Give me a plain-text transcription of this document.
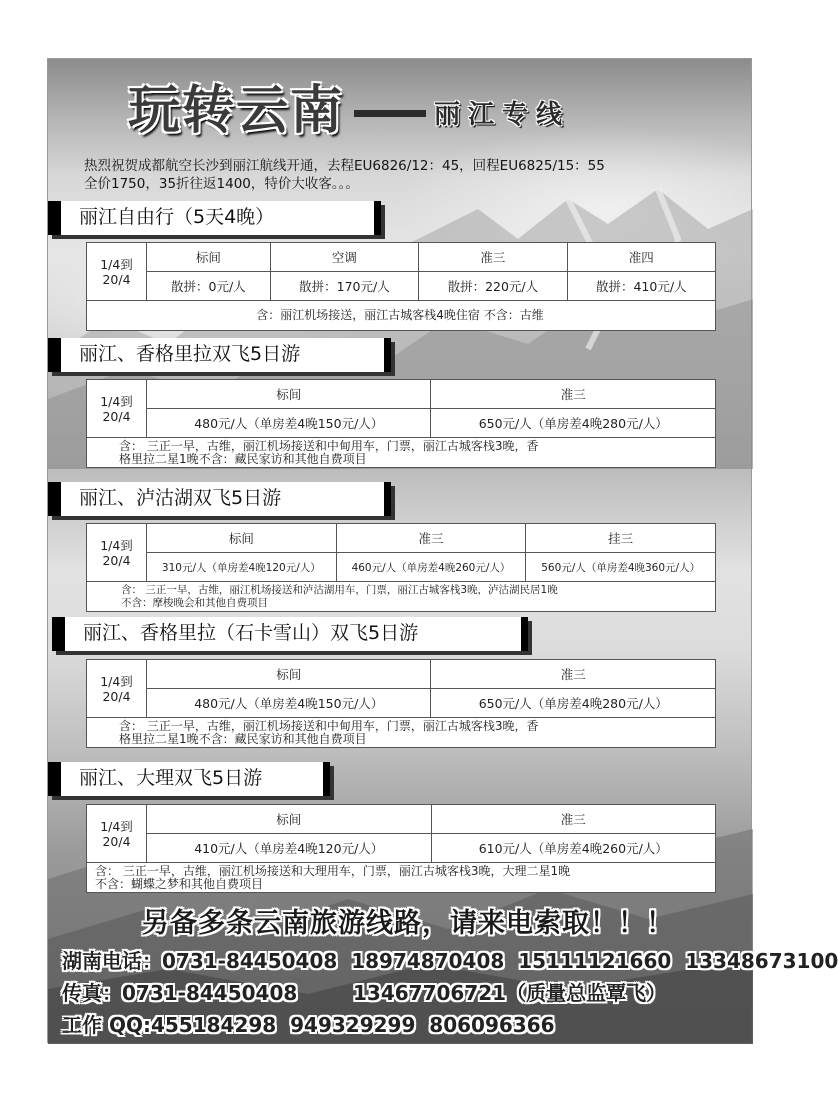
玩转云南	丽江专线
热烈祝贺成都航空长沙到丽江航线开通，去程EU6826/12：45，回程EU6825/15：55
全价1750，35折往返1400，特价大收客。。。
丽江自由行（5天4晚）
1/4到
20/4	标间	空调	准三	准四
	散拼：0元/人	散拼：170元/人	散拼：220元/人	散拼：410元/人
含：丽江机场接送，丽江古城客栈4晚住宿 不含：古维				
丽江、香格里拉双飞5日游
1/4到
20/4	标间	准三
	480元/人（单房差4晚150元/人）	650元/人（单房差4晚280元/人）
含： 三正一早，古维，丽江机场接送和中甸用车，门票，丽江古城客栈3晚，香
格里拉二星1晚不含：藏民家访和其他自费项目		
丽江、泸沽湖双飞5日游
1/4到
20/4	标间	准三	挂三
	310元/人（单房差4晚120元/人）	460元/人（单房差4晚260元/人）	560元/人（单房差4晚360元/人）
含： 三正一早，古维，丽江机场接送和泸沽湖用车，门票，丽江古城客栈3晚，泸沽湖民居1晚
不含：摩梭晚会和其他自费项目			
丽江、香格里拉（石卡雪山）双飞5日游
1/4到
20/4	标间	准三
	480元/人（单房差4晚150元/人）	650元/人（单房差4晚280元/人）
含： 三正一早，古维，丽江机场接送和中甸用车，门票，丽江古城客栈3晚，香
格里拉二星1晚不含：藏民家访和其他自费项目		
丽江、大理双飞5日游
1/4到
20/4	标间	准三
	410元/人（单房差4晚120元/人）	610元/人（单房差4晚260元/人）
含： 三正一早，古维，丽江机场接送和大理用车，门票，丽江古城客栈3晚，大理二星1晚
不含：蝴蝶之梦和其他自费项目		
另备多条云南旅游线路，请来电索取！！！
湖南电话：0731-84450408  18974870408  15111121660  13348673100
传真：0731-84450408        13467706721（质量总监覃飞）
工作 QQ:455184298  949329299  806096366
